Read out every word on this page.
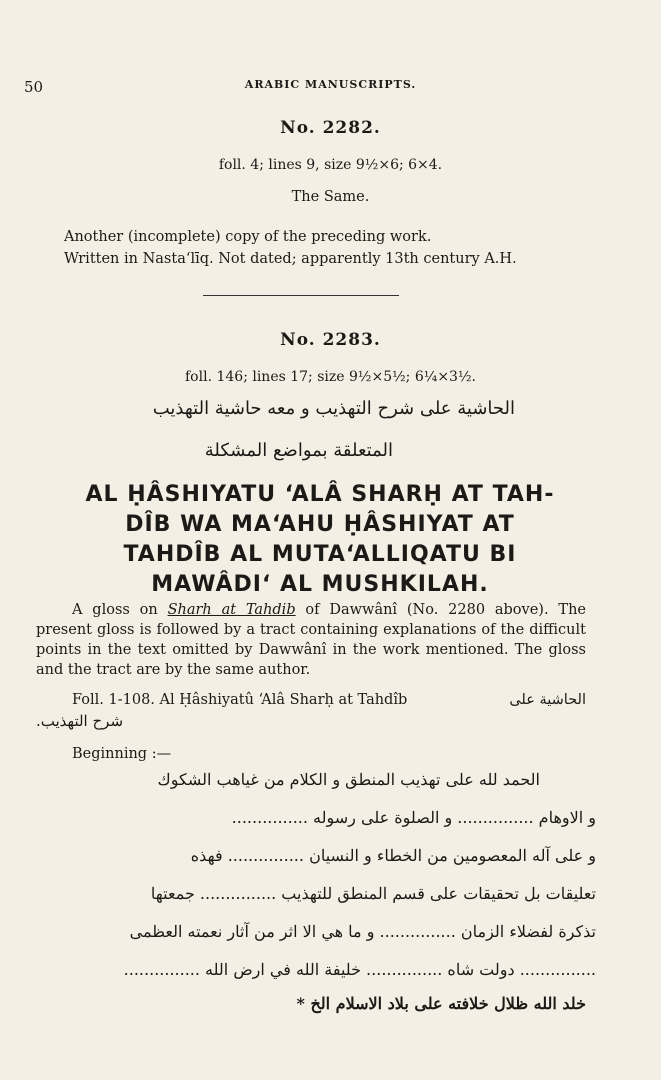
50	ARABIC MANUSCRIPTS.
No. 2282.
foll. 4; lines 9, size 9½×6; 6×4.
The Same.
Another (incomplete) copy of the preceding work.
Written in Nasta‘līq. Not dated; apparently 13th century A.H.
No. 2283.
foll. 146; lines 17; size 9½×5½; 6¼×3½.
الحاشية على شرح التهذيب و معه حاشية التهذيب
المتعلقة بمواضع المشكلة
AL ḤÂSHIYATU ‘ALÂ SHARḤ AT TAH-
DÎB WA MA‘AHU ḤÂSHIYAT AT
TAHDÎB AL MUTA‘ALLIQATU BI
MAWÂDI‘ AL MUSHKILAH.
A gloss on Sharh at Tahdib of Dawwânî (No. 2280 above). The present gloss is followed by a tract containing explanations of the difficult points in the text omitted by Dawwânî in the work mentioned. The gloss and the tract are by the same author.
Foll. 1-108. Al Ḥâshiyatû ‘Alâ Sharḥ at Tahdîb	الحاشية على
شرح التهذيب.
Beginning :—
الحمد لله على تهذيب المنطق و الكلام من غياهب الشكوك
و الاوهام ............... و الصلوة على رسوله ...............
و على آله المعصومين من الخطاء و النسيان ............... فهذه
تعليقات بل تحقيقات على قسم المنطق للتهذيب ............... جمعتها
تذكرة لفضلاء الزمان ............... و ما هي الا اثر من آثار نعمته العظمى
............... دولت شاه ............... خليفة الله في ارض الله ...............
خلد الله ظلال خلافته على بلاد الاسلام الخ *
